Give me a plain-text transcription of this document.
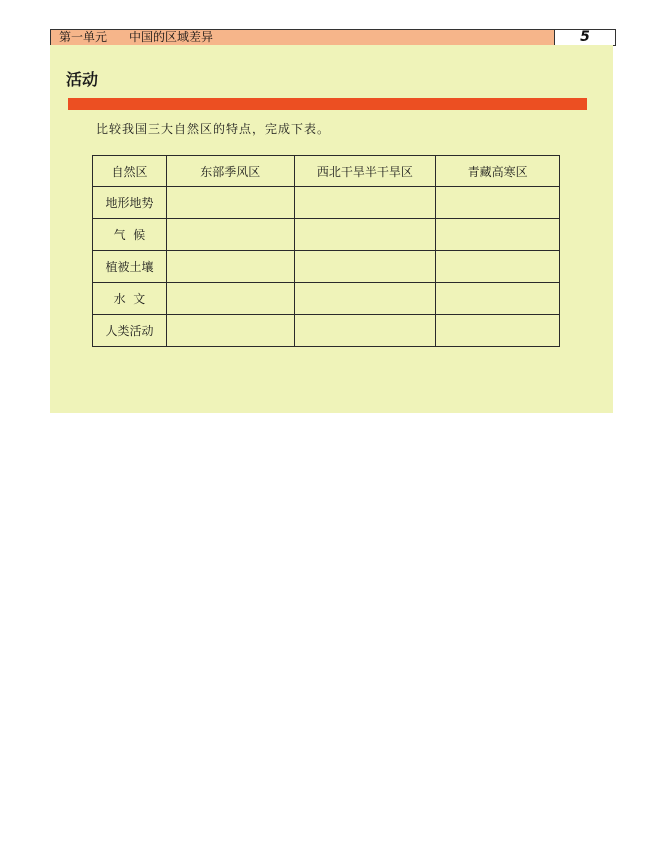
第一单元 中国的区域差异	5
活动
比较我国三大自然区的特点，完成下表。
自然区	东部季风区	西北干旱半干旱区	青藏高寒区
地形地势			
气  候			
植被土壤			
水  文			
人类活动			
